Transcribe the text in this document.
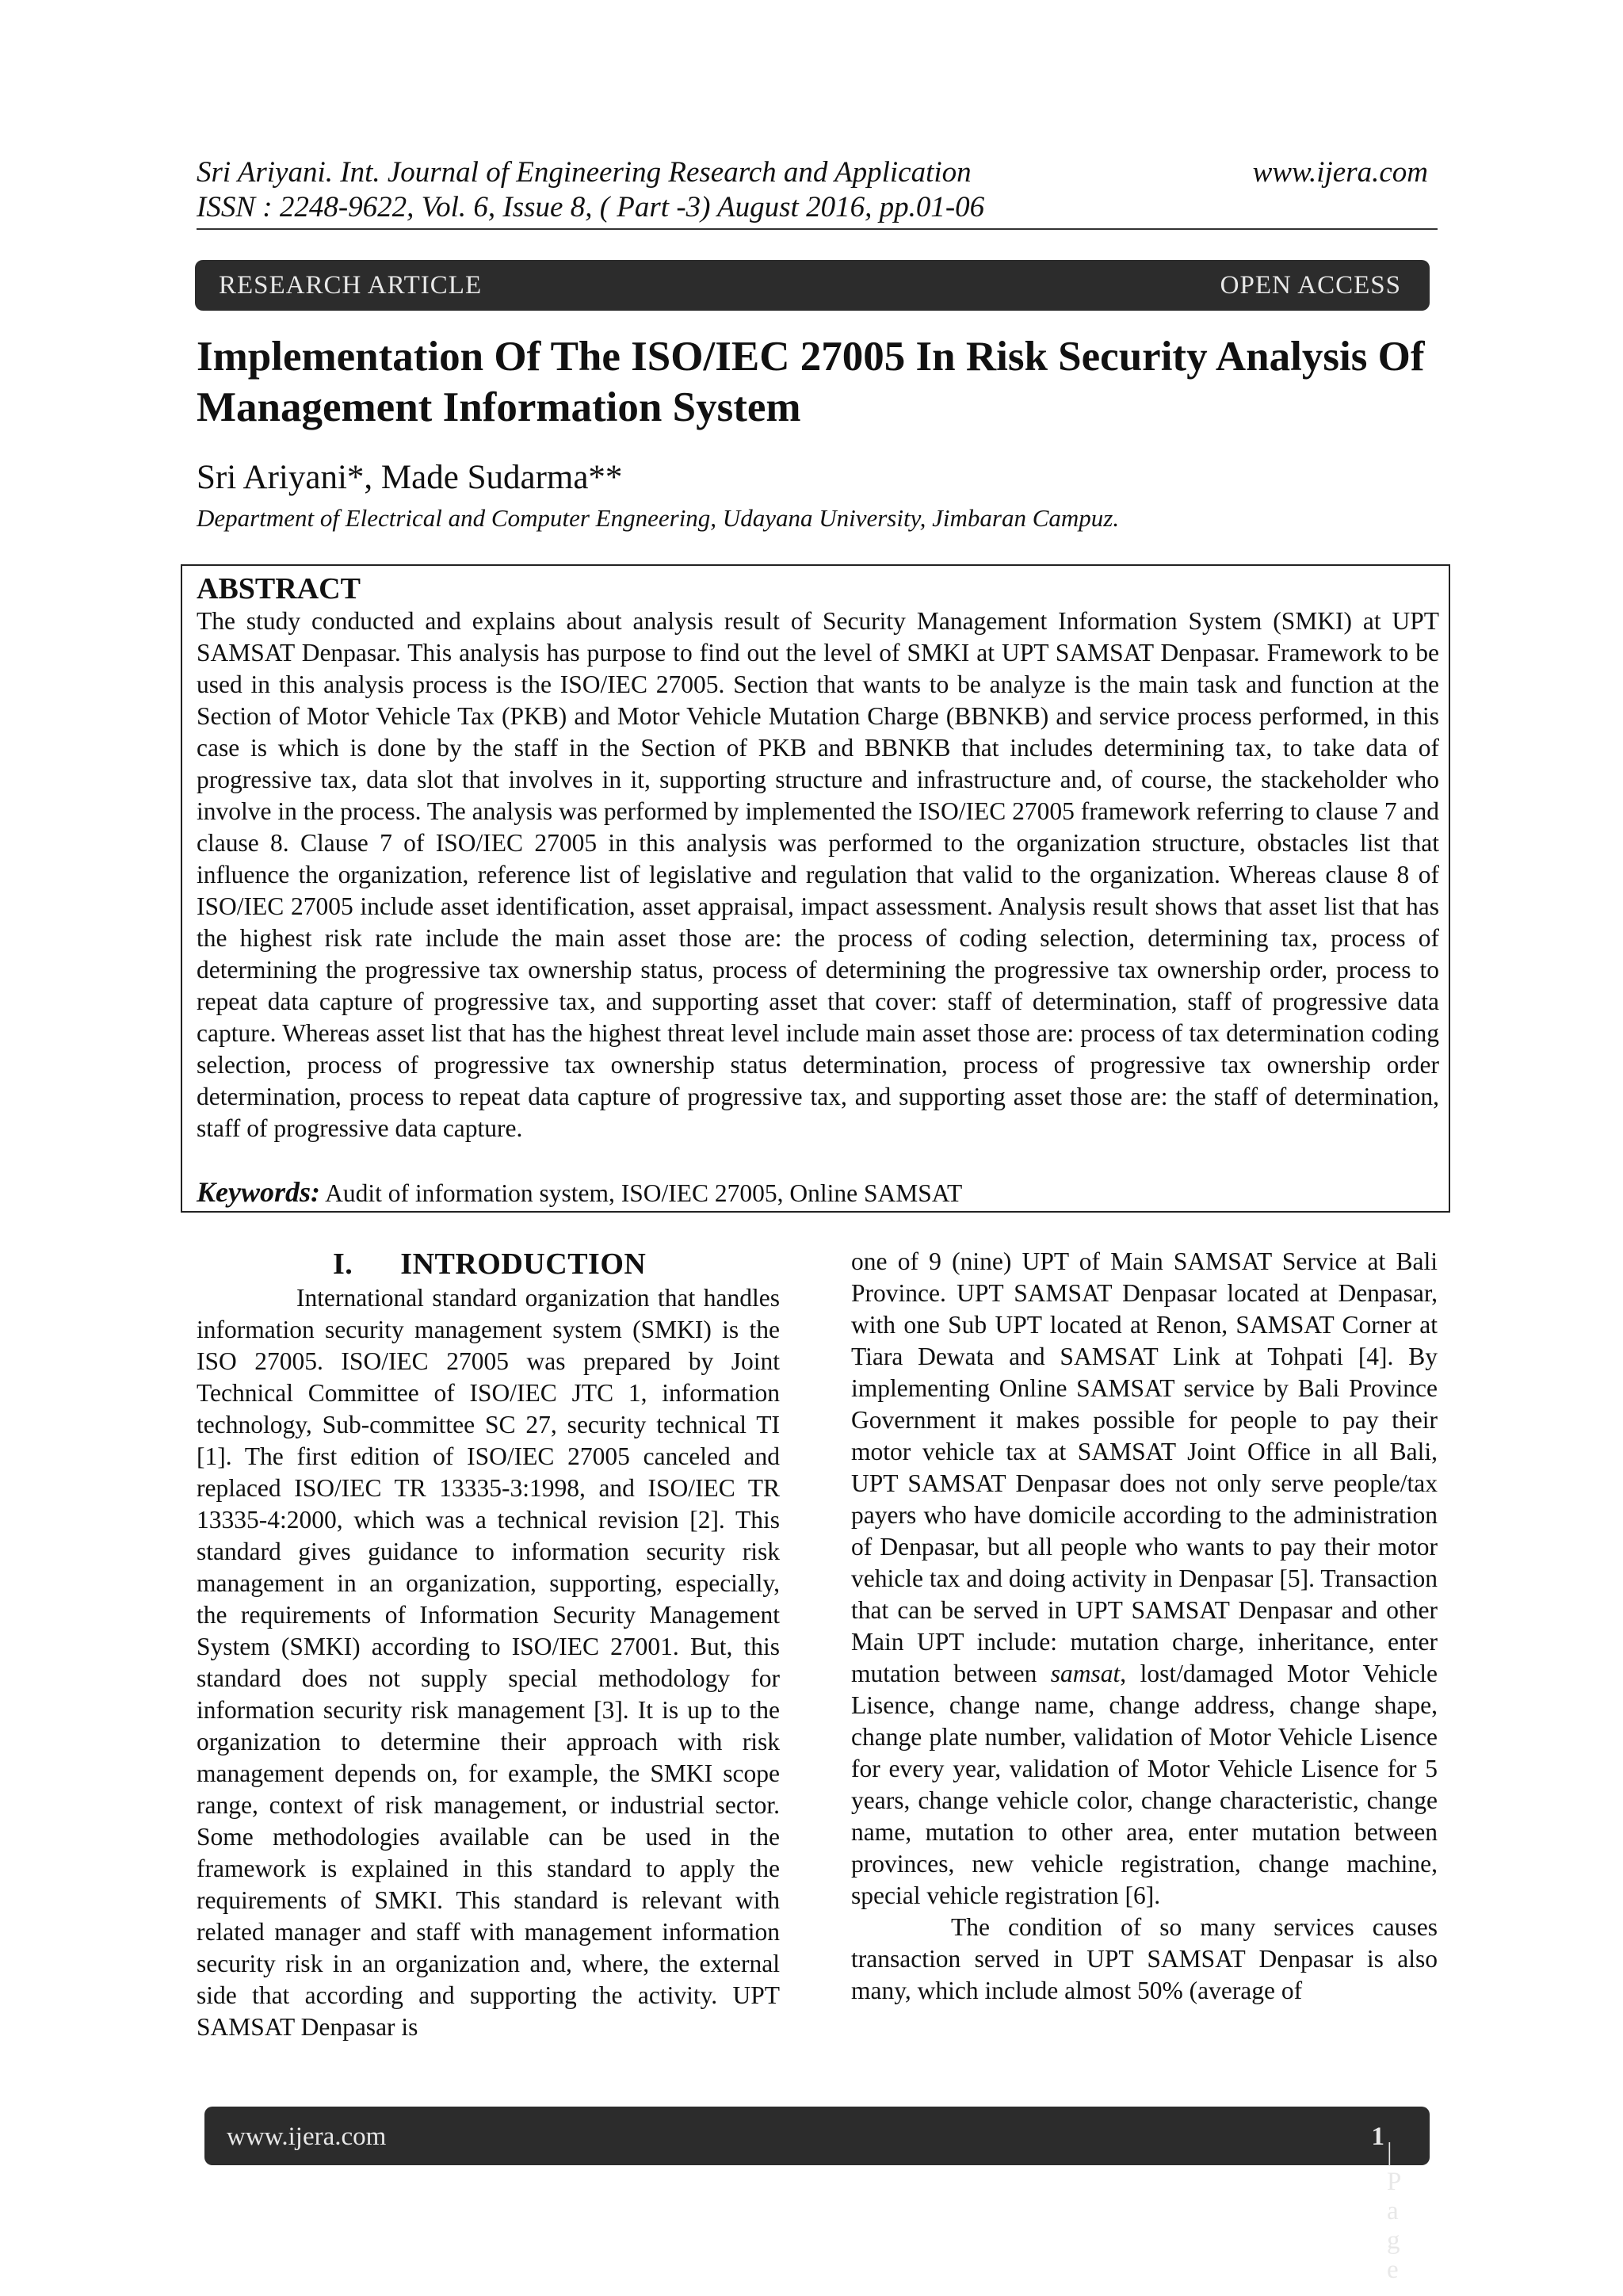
Sri Ariyani. Int. Journal of Engineering Research and Application	www.ijera.com
ISSN : 2248-9622, Vol. 6, Issue 8, ( Part -3) August 2016, pp.01-06
RESEARCH ARTICLE	OPEN ACCESS
Implementation Of The ISO/IEC 27005 In Risk Security Analysis Of Management Information System
Sri Ariyani*, Made Sudarma**
Department of Electrical and Computer Engneering, Udayana University, Jimbaran Campuz.
ABSTRACT
The study conducted and explains about analysis result of Security Management Information System (SMKI) at UPT SAMSAT Denpasar. This analysis has purpose to find out the level of SMKI at UPT SAMSAT Denpasar. Framework to be used in this analysis process is the ISO/IEC 27005. Section that wants to be analyze is the main task and function at the Section of Motor Vehicle Tax (PKB) and Motor Vehicle Mutation Charge (BBNKB) and service process performed, in this case is which is done by the staff in the Section of PKB and BBNKB that includes determining tax, to take data of progressive tax, data slot that involves in it, supporting structure and infrastructure and, of course, the stackeholder who involve in the process. The analysis was performed by implemented the ISO/IEC 27005 framework referring to clause 7 and clause 8. Clause 7 of ISO/IEC 27005 in this analysis was performed to the organization structure, obstacles list that influence the organization, reference list of legislative and regulation that valid to the organization. Whereas clause 8 of ISO/IEC 27005 include asset identification, asset appraisal, impact assessment. Analysis result shows that asset list that has the highest risk rate include the main asset those are: the process of coding selection, determining tax, process of determining the progressive tax ownership status, process of determining the progressive tax ownership order, process to repeat data capture of progressive tax, and supporting asset that cover: staff of determination, staff of progressive data capture. Whereas asset list that has the highest threat level include main asset those are: process of tax determination coding selection, process of progressive tax ownership status determination, process of progressive tax ownership order determination, process to repeat data capture of progressive tax, and supporting asset those are: the staff of determination, staff of progressive data capture.
Keywords: Audit of information system, ISO/IEC 27005, Online SAMSAT
I.      INTRODUCTION
International standard organization that handles information security management system (SMKI) is the ISO 27005. ISO/IEC 27005 was prepared by Joint Technical Committee of ISO/IEC JTC 1, information technology, Sub-committee SC 27, security technical TI [1]. The first edition of ISO/IEC 27005 canceled and replaced ISO/IEC TR 13335-3:1998, and ISO/IEC TR 13335-4:2000, which was a technical revision [2]. This standard gives guidance to information security risk management in an organization, supporting, especially, the requirements of Information Security Management System (SMKI) according to ISO/IEC 27001. But, this standard does not supply special methodology for information security risk management [3]. It is up to the organization to determine their approach with risk management depends on, for example, the SMKI scope range, context of risk management, or industrial sector. Some methodologies available can be used in the framework is explained in this standard to apply the requirements of SMKI. This standard is relevant with related manager and staff with management information security risk in an organization and, where, the external side that according and supporting the activity. UPT SAMSAT Denpasar is

one of 9 (nine) UPT of Main SAMSAT Service at Bali Province. UPT SAMSAT Denpasar located at Denpasar, with one Sub UPT located at Renon, SAMSAT Corner at Tiara Dewata and SAMSAT Link at Tohpati [4]. By implementing Online SAMSAT service by Bali Province Government it makes possible for people to pay their motor vehicle tax at SAMSAT Joint Office in all Bali, UPT SAMSAT Denpasar does not only serve people/tax payers who have domicile according to the administration of Denpasar, but all people who wants to pay their motor vehicle tax and doing activity in Denpasar [5]. Transaction that can be served in UPT SAMSAT Denpasar and other Main UPT include: mutation charge, inheritance, enter mutation between samsat, lost/damaged Motor Vehicle Lisence, change name, change address, change shape, change plate number, validation of Motor Vehicle Lisence for every year, validation of Motor Vehicle Lisence for 5 years, change vehicle color, change characteristic, change name, mutation to other area, enter mutation between provinces, new vehicle registration, change machine, special vehicle registration [6].

The condition of so many services causes transaction served in UPT SAMSAT Denpasar is also many, which include almost 50% (average of

www.ijera.com	1
| P a g e
